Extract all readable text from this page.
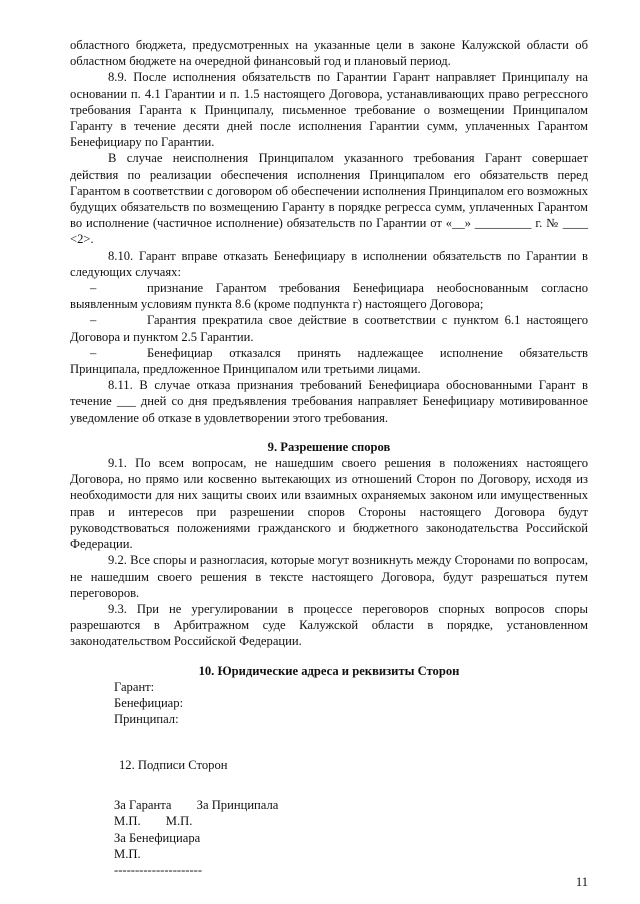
областного бюджета, предусмотренных на указанные цели в законе Калужской области об областном бюджете на очередной финансовый год и плановый период.

8.9. После исполнения обязательств по Гарантии Гарант направляет Принципалу на основании п. 4.1 Гарантии и п. 1.5 настоящего Договора, устанавливающих право регрессного требования Гаранта к Принципалу, письменное требование о возмещении Принципалом Гаранту в течение десяти дней после исполнения Гарантии сумм, уплаченных Гарантом Бенефициару по Гарантии.

В случае неисполнения Принципалом указанного требования Гарант совершает действия по реализации обеспечения исполнения Принципалом его обязательств перед Гарантом в соответствии с договором об обеспечении исполнения Принципалом его возможных будущих обязательств по возмещению Гаранту в порядке регресса сумм, уплаченных Гарантом во исполнение (частичное исполнение) обязательств по Гарантии от «__» _________ г. № ____ <2>.

8.10. Гарант вправе отказать Бенефициару в исполнении обязательств по Гарантии в следующих случаях:

–	признание Гарантом требования Бенефициара необоснованным согласно выявленным условиям пункта 8.6 (кроме подпункта г) настоящего Договора;

–	Гарантия прекратила свое действие в соответствии с пунктом 6.1 настоящего Договора и пунктом 2.5 Гарантии.

–	Бенефициар отказался принять надлежащее исполнение обязательств Принципала, предложенное Принципалом или третьими лицами.

8.11. В случае отказа признания требований Бенефициара обоснованными Гарант в течение ___ дней со дня предъявления требования направляет Бенефициару мотивированное уведомление об отказе в удовлетворении этого требования.

9. Разрешение споров

9.1. По всем вопросам, не нашедшим своего решения в положениях настоящего Договора, но прямо или косвенно вытекающих из отношений Сторон по Договору, исходя из необходимости для них защиты своих или взаимных охраняемых законом или имущественных прав и интересов при разрешении споров Стороны настоящего Договора будут руководствоваться положениями гражданского и бюджетного законодательства Российской Федерации.

9.2. Все споры и разногласия, которые могут возникнуть между Сторонами по вопросам, не нашедшим своего решения в тексте настоящего Договора, будут разрешаться путем переговоров.

9.3. При не урегулировании в процессе переговоров спорных вопросов споры разрешаются в Арбитражном суде Калужской области в порядке, установленном законодательством Российской Федерации.

10. Юридические адреса и реквизиты Сторон

Гарант:

Бенефициар:

Принципал:

12. Подписи Сторон

За Гаранта        За Принципала

М.П.        М.П.

За Бенефициара

М.П.

---------------------

11
